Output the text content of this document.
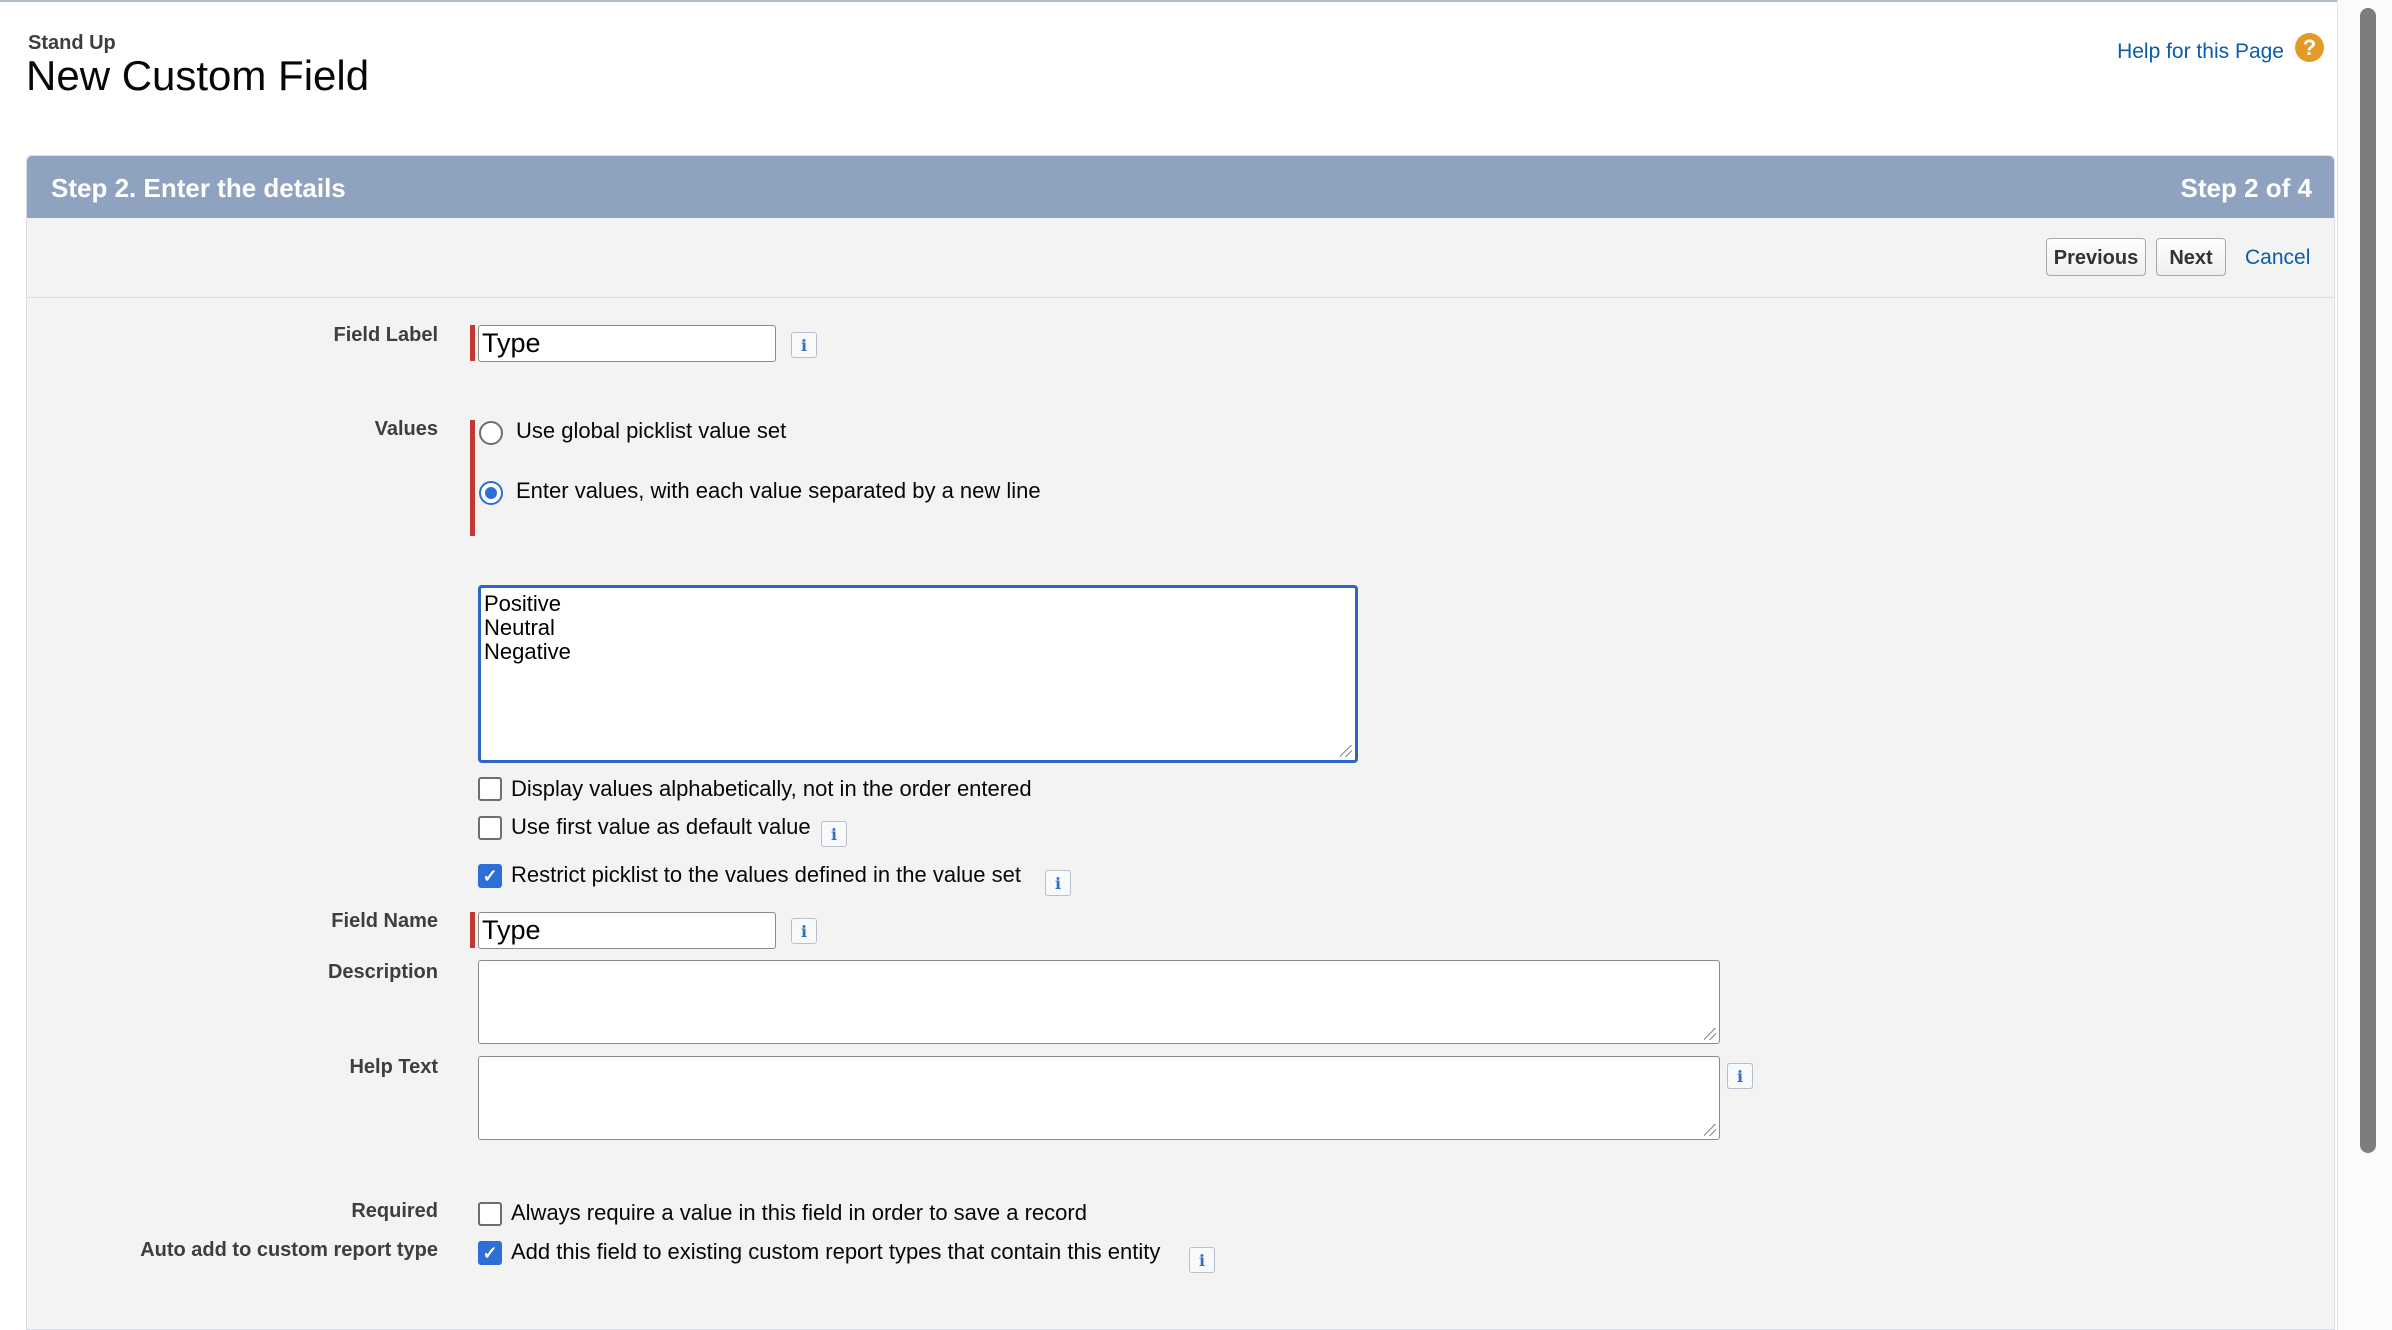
Stand Up
New Custom Field
Help for this Page ?
Step 2. Enter the details	Step 2 of 4
Previous	Next	Cancel
Field Label Type	i
Values	Use global picklist value set
Enter values, with each value separated by a new line
Positive
Neutral
Negative
Display values alphabetically, not in the order entered
Use first value as default value	i
✓ Restrict picklist to the values defined in the value set	i
Field Name Type	i
Description
Help Text	i
Required	Always require a value in this field in order to save a record
Auto add to custom report type ✓ Add this field to existing custom report types that contain this entity	i
